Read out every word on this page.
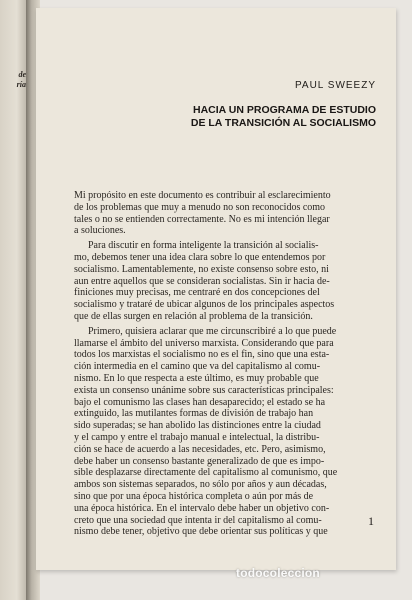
de
ría	PAUL SWEEZY
HACIA UN PROGRAMA DE ESTUDIO
DE LA TRANSICIÓN AL SOCIALISMO

Mi propósito en este documento es contribuir al esclarecimiento
de los problemas que muy a menudo no son reconocidos como
tales o no se entienden correctamente. No es mi intención llegar
a soluciones.

Para discutir en forma inteligente la transición al socialis-
mo, debemos tener una idea clara sobre lo que entendemos por
socialismo. Lamentablemente, no existe consenso sobre esto, ni
aun entre aquellos que se consideran socialistas. Sin ir hacia de-
finiciones muy precisas, me centraré en dos concepciones del
socialismo y trataré de ubicar algunos de los principales aspectos
que de ellas surgen en relación al problema de la transición.

Primero, quisiera aclarar que me circunscribiré a lo que puede
llamarse el ámbito del universo marxista. Considerando que para
todos los marxistas el socialismo no es el fin, sino que una esta-
ción intermedia en el camino que va del capitalismo al comu-
nismo. En lo que respecta a este último, es muy probable que
exista un consenso unánime sobre sus características principales:
bajo el comunismo las clases han desaparecido; el estado se ha
extinguido, las mutilantes formas de división de trabajo han
sido superadas; se han abolido las distinciones entre la ciudad
y el campo y entre el trabajo manual e intelectual, la distribu-
ción se hace de acuerdo a las necesidades, etc. Pero, asimismo,
debe haber un consenso bastante generalizado de que es impo-
sible desplazarse directamente del capitalismo al comunismo, que
ambos son sistemas separados, no sólo por años y aun décadas,
sino que por una época histórica completa o aún por más de
una época histórica. En el intervalo debe haber un objetivo con-
creto que una sociedad que intenta ir del capitalismo al comu-
nismo debe tener, objetivo que debe orientar sus políticas y que

1
todocoleccion
